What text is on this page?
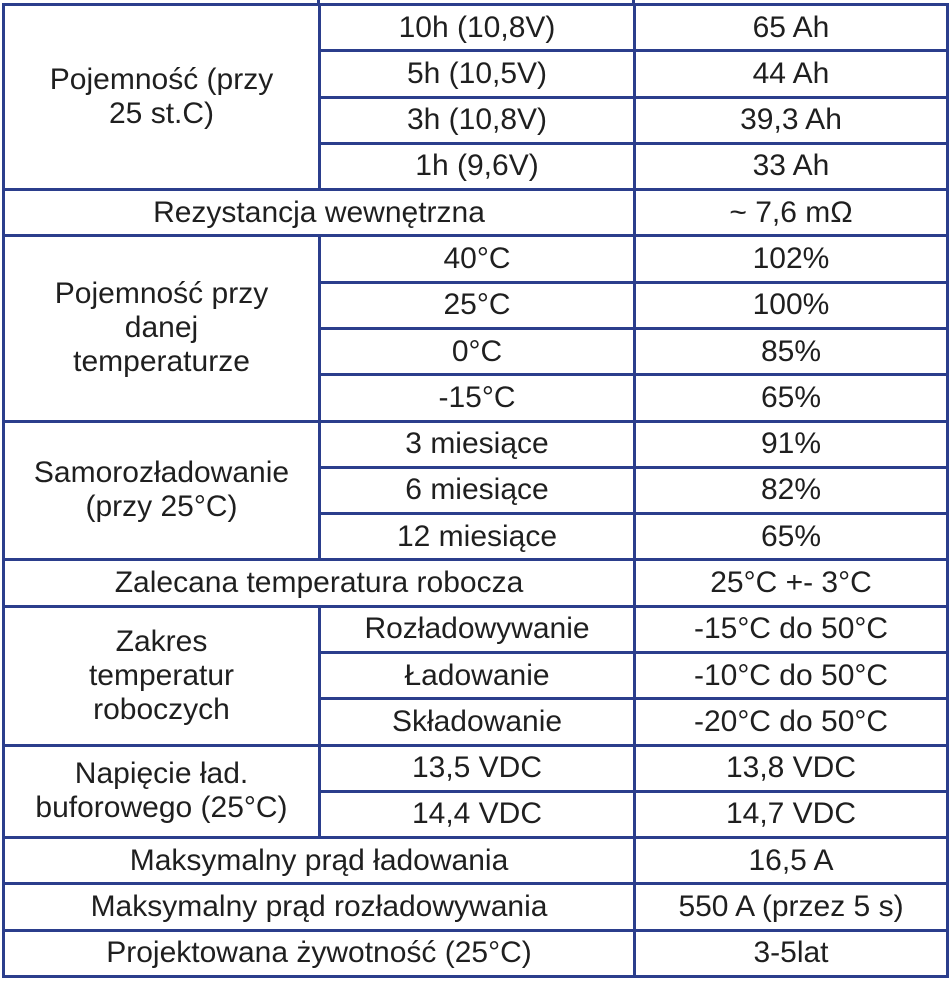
Pojemność (przy 25 st.C)	10h (10,8V)	65 Ah
	5h (10,5V)	44 Ah
	3h (10,8V)	39,3 Ah
	1h (9,6V)	33 Ah
Rezystancja wewnętrzna		~ 7,6 mΩ
Pojemność przy danej temperaturze	40°C	102%
	25°C	100%
	0°C	85%
	-15°C	65%
Samorozładowanie (przy 25°C)	3 miesiące	91%
	6 miesiące	82%
	12 miesiące	65%
Zalecana temperatura robocza		25°C +- 3°C
Zakres temperatur roboczych	Rozładowywanie	-15°C do 50°C
	Ładowanie	-10°C do 50°C
	Składowanie	-20°C do 50°C
Napięcie ład. buforowego (25°C)	13,5 VDC	13,8 VDC
	14,4 VDC	14,7 VDC
Maksymalny prąd ładowania		16,5 A
Maksymalny prąd rozładowywania		550 A (przez 5 s)
Projektowana żywotność (25°C)		3-5lat
